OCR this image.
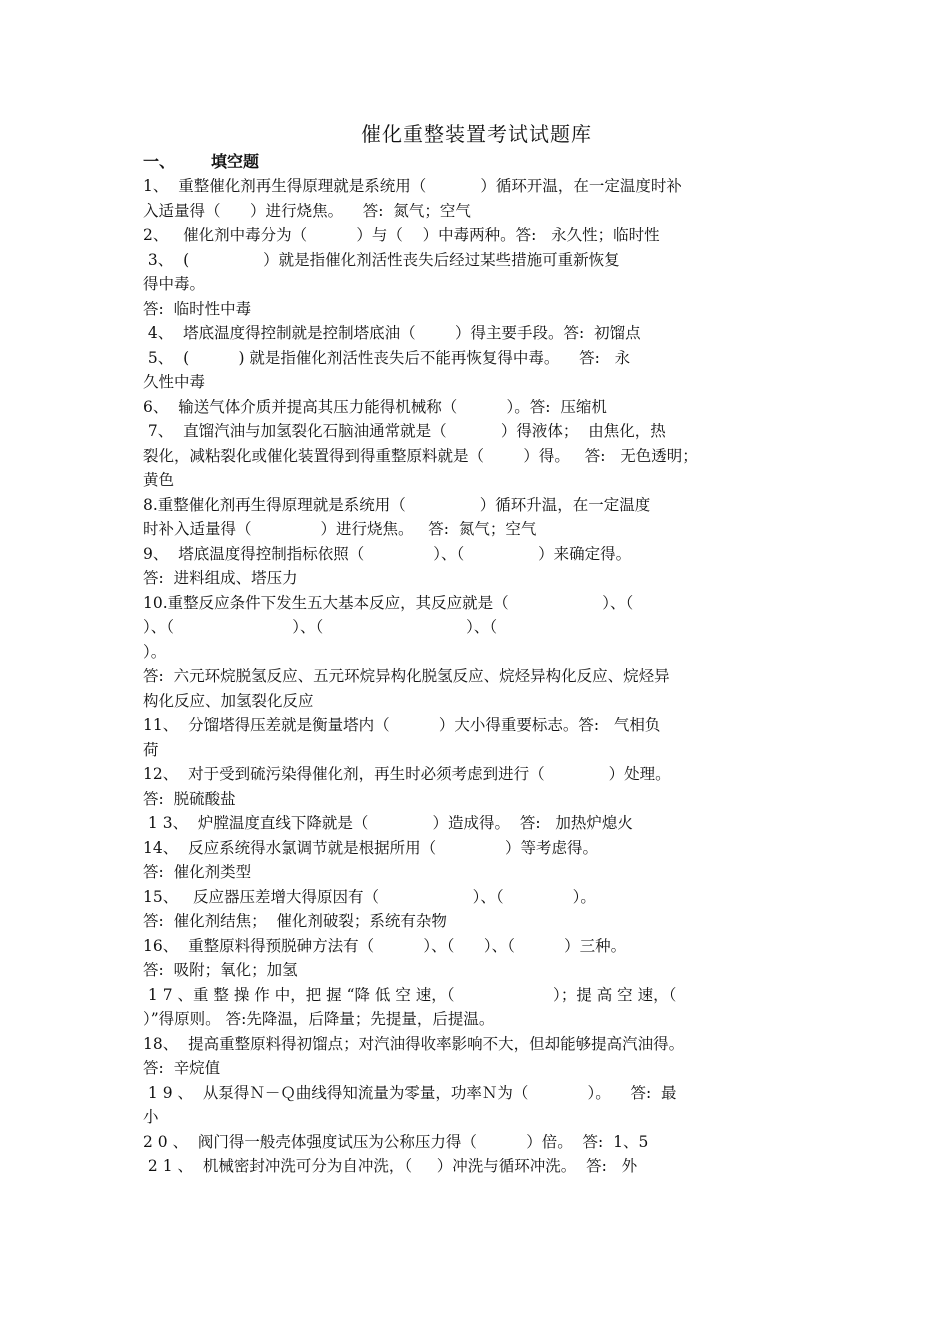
催化重整装置考试试题库
一、	填空题
1、  重整催化剂再生得原理就是系统用（           ）循环开温，在一定温度时补
入适量得（      ）进行烧焦。    答:  氮气；空气
2、   催化剂中毒分为（          ）与（    ）中毒两种。答:   永久性；临时性
3、  (               ）就是指催化剂活性丧失后经过某些措施可重新恢复
得中毒。
答:  临时性中毒
4、  塔底温度得控制就是控制塔底油（        ）得主要手段。答:  初馏点
5、  (          ) 就是指催化剂活性丧失后不能再恢复得中毒。    答:   永
久性中毒
6、  输送气体介质并提高其压力能得机械称（          ）。答:  压缩机
7、  直馏汽油与加氢裂化石脑油通常就是（           ）得液体；  由焦化，热
裂化，减粘裂化或催化装置得到得重整原料就是（        ）得。   答:   无色透明；
黄色
8.重整催化剂再生得原理就是系统用（               ）循环升温，在一定温度
时补入适量得（              ）进行烧焦。   答:  氮气；空气
9、  塔底温度得控制指标依照（              ）、（               ）来确定得。
答:  进料组成、塔压力
10.重整反应条件下发生五大基本反应，其反应就是（                   ）、（
）、（                        ）、（                             ）、（
）。
答:  六元环烷脱氢反应、五元环烷异构化脱氢反应、烷烃异构化反应、烷烃异
构化反应、加氢裂化反应
11、  分馏塔得压差就是衡量塔内（          ）大小得重要标志。答:   气相负
荷
12、  对于受到硫污染得催化剂，再生时必须考虑到进行（             ）处理。
答:  脱硫酸盐
1 3、  炉膛温度直线下降就是（             ）造成得。  答:   加热炉熄火
14、  反应系统得水氯调节就是根据所用（              ）等考虑得。
答:  催化剂类型
15、   反应器压差增大得原因有（                   ）、（              ）。
答:  催化剂结焦；  催化剂破裂；系统有杂物
16、  重整原料得预脱砷方法有（          ）、（      ）、（          ）三种。
答:  吸附；氧化；加氢
1 7 、重 整 操 作 中，把 握 “降 低 空 速，（                    ）；提 高 空 速，（
）”得原则。 答:先降温，后降量；先提量，后提温。
18、  提高重整原料得初馏点；对汽油得收率影响不大，但却能够提高汽油得。
答:  辛烷值
1 9 、  从泵得Ｎ－Ｑ曲线得知流量为零量，功率Ｎ为（            ）。    答:  最
小
2 0 、  阀门得一般壳体强度试压为公称压力得（          ）倍。  答:  1、5
2 1 、  机械密封冲洗可分为自冲洗，（     ）冲洗与循环冲洗。  答:   外
